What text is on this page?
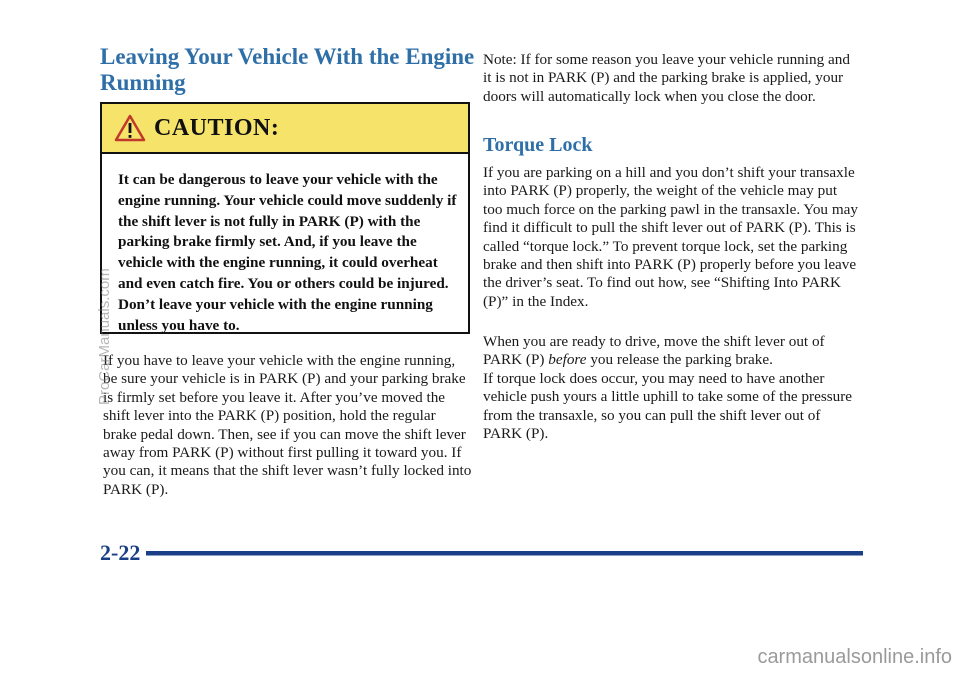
Leaving Your Vehicle With the Engine Running
CAUTION:
It can be dangerous to leave your vehicle with the engine running. Your vehicle could move suddenly if the shift lever is not fully in PARK (P) with the parking brake firmly set. And, if you leave the vehicle with the engine running, it could overheat and even catch fire. You or others could be injured. Don’t leave your vehicle with the engine running unless you have to.

If you have to leave your vehicle with the engine running, be sure your vehicle is in PARK (P) and your parking brake is firmly set before you leave it. After you’ve moved the shift lever into the PARK (P) position, hold the regular brake pedal down. Then, see if you can move the shift lever away from PARK (P) without first pulling it toward you. If you can, it means that the shift lever wasn’t fully locked into PARK (P).

Note: If for some reason you leave your vehicle running and it is not in PARK (P) and the parking brake is applied, your doors will automatically lock when you close the door.

Torque Lock

If you are parking on a hill and you don’t shift your transaxle into PARK (P) properly, the weight of the vehicle may put too much force on the parking pawl in the transaxle. You may find it difficult to pull the shift lever out of PARK (P). This is called “torque lock.” To prevent torque lock, set the parking brake and then shift into PARK (P) properly before you leave the driver’s seat. To find out how, see “Shifting Into PARK (P)” in the Index.

When you are ready to drive, move the shift lever out of PARK (P) before you release the parking brake.

If torque lock does occur, you may need to have another vehicle push yours a little uphill to take some of the pressure from the transaxle, so you can pull the shift lever out of PARK (P).

2-22
ProCarManuals.com
carmanualsonline.info
